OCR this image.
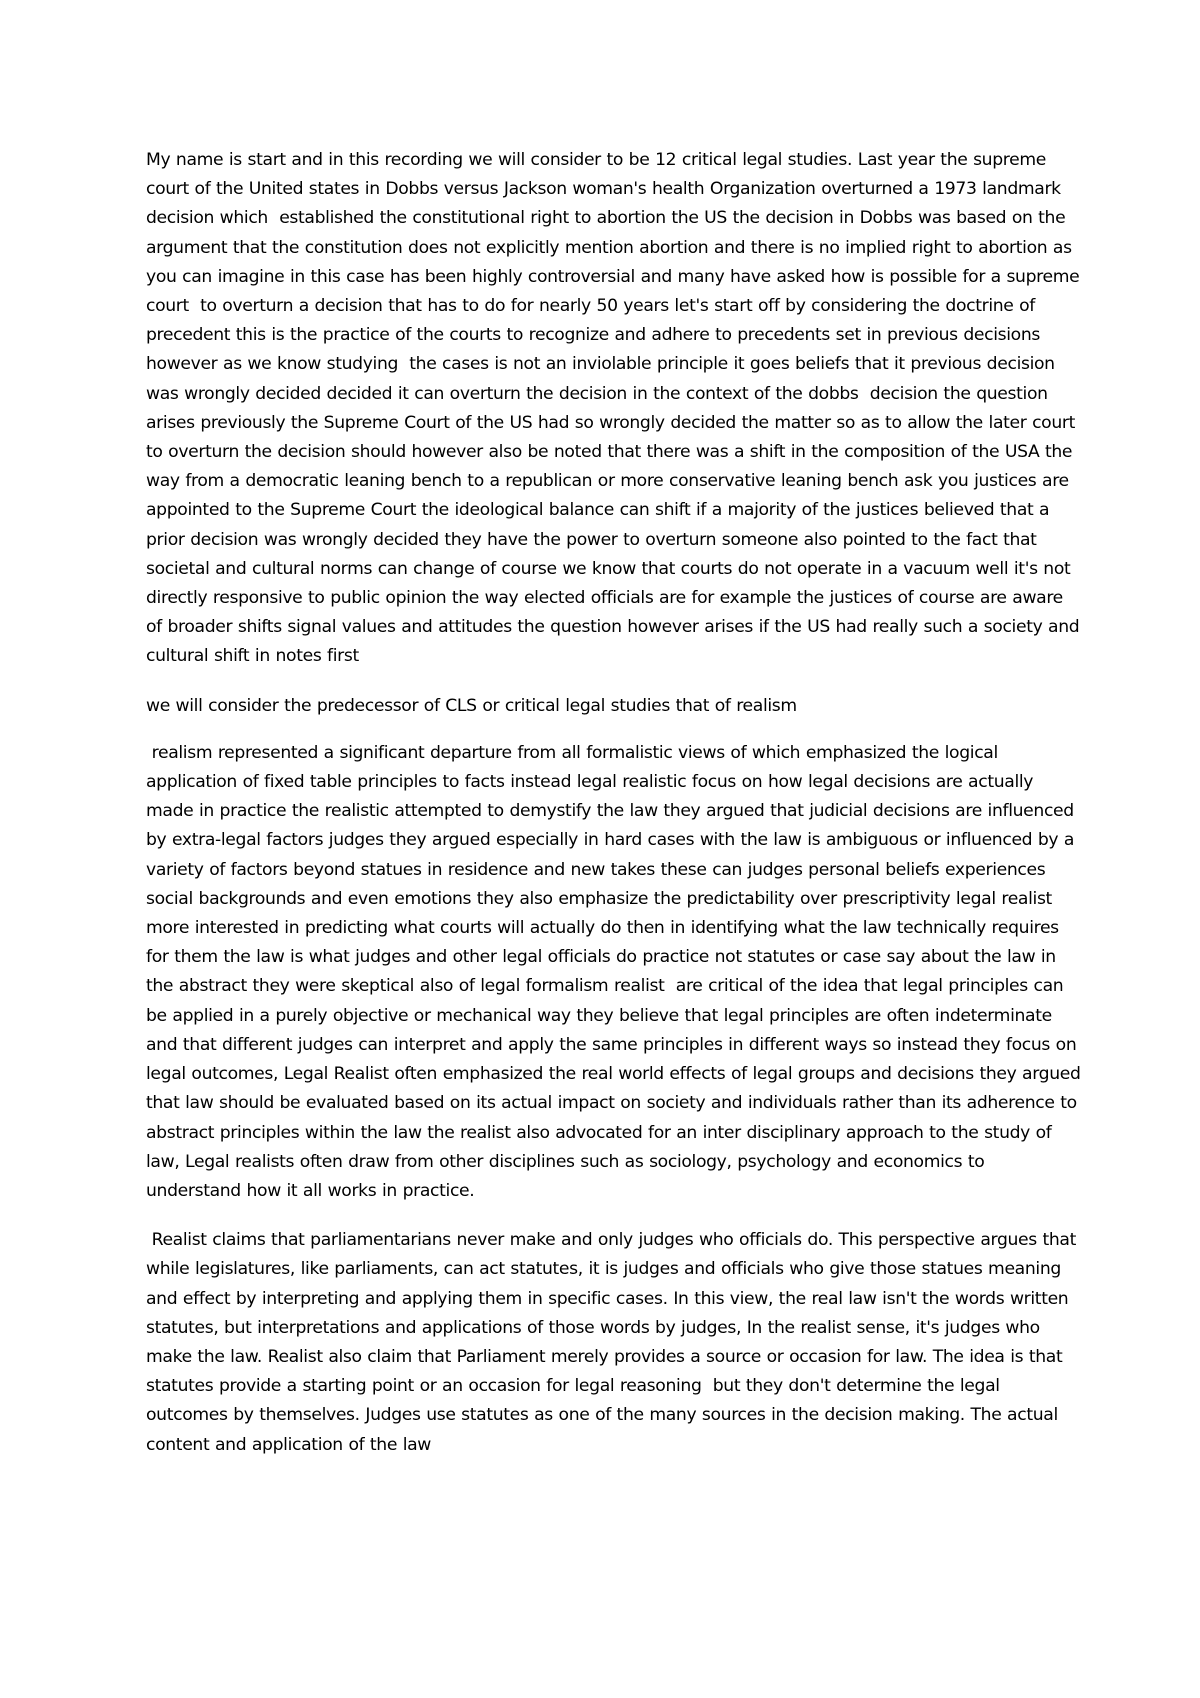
My name is start and in this recording we will consider to be 12 critical legal studies. Last year the supreme court of the United states in Dobbs versus Jackson woman's health Organization overturned a 1973 landmark decision which  established the constitutional right to abortion the US the decision in Dobbs was based on the argument that the constitution does not explicitly mention abortion and there is no implied right to abortion as you can imagine in this case has been highly controversial and many have asked how is possible for a supreme court  to overturn a decision that has to do for nearly 50 years let's start off by considering the doctrine of precedent this is the practice of the courts to recognize and adhere to precedents set in previous decisions however as we know studying  the cases is not an inviolable principle it goes beliefs that it previous decision was wrongly decided decided it can overturn the decision in the context of the dobbs  decision the question arises previously the Supreme Court of the US had so wrongly decided the matter so as to allow the later court to overturn the decision should however also be noted that there was a shift in the composition of the USA the way from a democratic leaning bench to a republican or more conservative leaning bench ask you justices are appointed to the Supreme Court the ideological balance can shift if a majority of the justices believed that a prior decision was wrongly decided they have the power to overturn someone also pointed to the fact that societal and cultural norms can change of course we know that courts do not operate in a vacuum well it's not directly responsive to public opinion the way elected officials are for example the justices of course are aware of broader shifts signal values and attitudes the question however arises if the US had really such a society and cultural shift in notes first

we will consider the predecessor of CLS or critical legal studies that of realism

realism represented a significant departure from all formalistic views of which emphasized the logical application of fixed table principles to facts instead legal realistic focus on how legal decisions are actually made in practice the realistic attempted to demystify the law they argued that judicial decisions are influenced by extra-legal factors judges they argued especially in hard cases with the law is ambiguous or influenced by a variety of factors beyond statues in residence and new takes these can judges personal beliefs experiences social backgrounds and even emotions they also emphasize the predictability over prescriptivity legal realist  more interested in predicting what courts will actually do then in identifying what the law technically requires for them the law is what judges and other legal officials do practice not statutes or case say about the law in the abstract they were skeptical also of legal formalism realist  are critical of the idea that legal principles can be applied in a purely objective or mechanical way they believe that legal principles are often indeterminate and that different judges can interpret and apply the same principles in different ways so instead they focus on legal outcomes, Legal Realist often emphasized the real world effects of legal groups and decisions they argued that law should be evaluated based on its actual impact on society and individuals rather than its adherence to abstract principles within the law the realist also advocated for an inter disciplinary approach to the study of law, Legal realists often draw from other disciplines such as sociology, psychology and economics to understand how it all works in practice.

Realist claims that parliamentarians never make and only judges who officials do. This perspective argues that while legislatures, like parliaments, can act statutes, it is judges and officials who give those statues meaning and effect by interpreting and applying them in specific cases. In this view, the real law isn't the words written statutes, but interpretations and applications of those words by judges, In the realist sense, it's judges who make the law. Realist also claim that Parliament merely provides a source or occasion for law. The idea is that statutes provide a starting point or an occasion for legal reasoning  but they don't determine the legal outcomes by themselves. Judges use statutes as one of the many sources in the decision making. The actual content and application of the law
